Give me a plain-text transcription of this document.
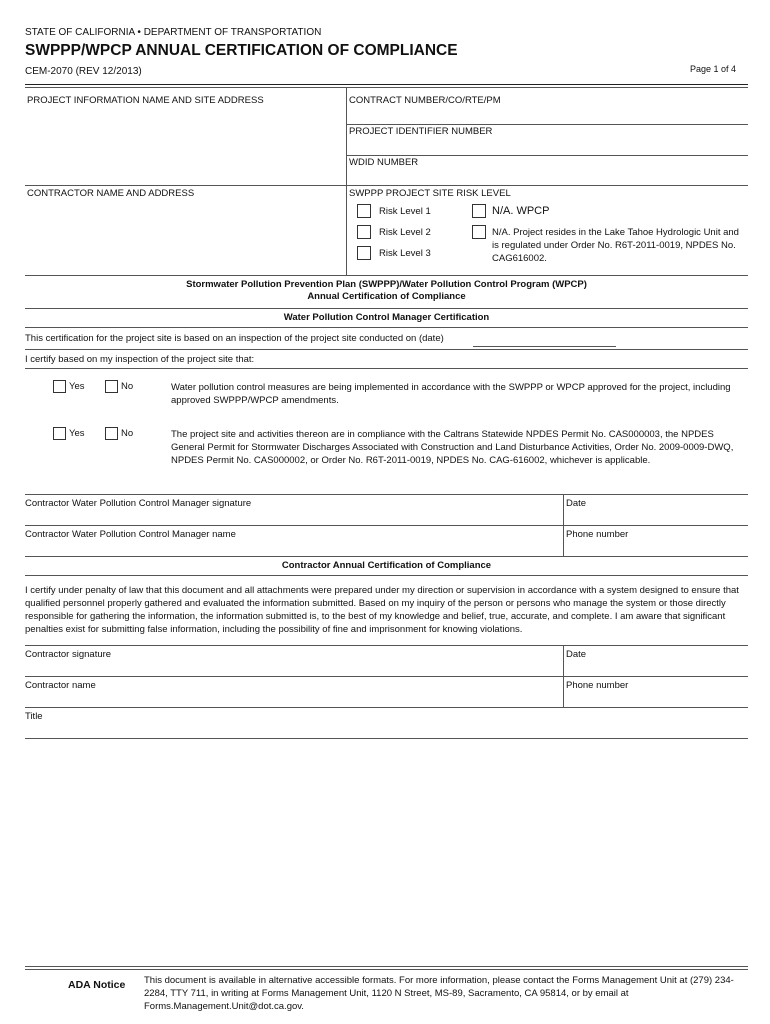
STATE OF CALIFORNIA • DEPARTMENT OF TRANSPORTATION
SWPPP/WPCP ANNUAL CERTIFICATION OF COMPLIANCE
CEM-2070 (REV 12/2013)	Page 1 of 4
PROJECT INFORMATION NAME AND SITE ADDRESS	CONTRACT NUMBER/CO/RTE/PM
PROJECT IDENTIFIER NUMBER
WDID NUMBER
CONTRACTOR NAME AND ADDRESS	SWPPP PROJECT SITE RISK LEVEL
Risk Level 1
Risk Level 2
Risk Level 3
N/A. WPCP
N/A. Project resides in the Lake Tahoe Hydrologic Unit and is regulated under Order No. R6T-2011-0019, NPDES No. CAG616002.
Stormwater Pollution Prevention Plan (SWPPP)/Water Pollution Control Program (WPCP)
Annual Certification of Compliance
Water Pollution Control Manager Certification
This certification for the project site is based on an inspection of the project site conducted on (date)
I certify based on my inspection of the project site that:
Yes	No	Water pollution control measures are being implemented in accordance with the SWPPP or WPCP approved for the project, including approved SWPPP/WPCP amendments.
Yes	No	The project site and activities thereon are in compliance with the Caltrans Statewide NPDES Permit No. CAS000003, the NPDES General Permit for Stormwater Discharges Associated with Construction and Land Disturbance Activities, Order No. 2009-0009-DWQ, NPDES Permit No. CAS000002, or Order No. R6T-2011-0019, NPDES No. CAG-616002, whichever is applicable.
Contractor Water Pollution Control Manager signature	Date
Contractor Water Pollution Control Manager name	Phone number
Contractor Annual Certification of Compliance
I certify under penalty of law that this document and all attachments were prepared under my direction or supervision in accordance with a system designed to ensure that qualified personnel properly gathered and evaluated the information submitted. Based on my inquiry of the person or persons who manage the system or those directly responsible for gathering the information, the information submitted is, to the best of my knowledge and belief, true, accurate, and complete. I am aware that significant penalties exist for submitting false information, including the possibility of fine and imprisonment for knowing violations.
Contractor signature	Date
Contractor name	Phone number
Title
ADA Notice This document is available in alternative accessible formats. For more information, please contact the Forms Management Unit at (279) 234-2284, TTY 711, in writing at Forms Management Unit, 1120 N Street, MS-89, Sacramento, CA 95814, or by email at Forms.Management.Unit@dot.ca.gov.
